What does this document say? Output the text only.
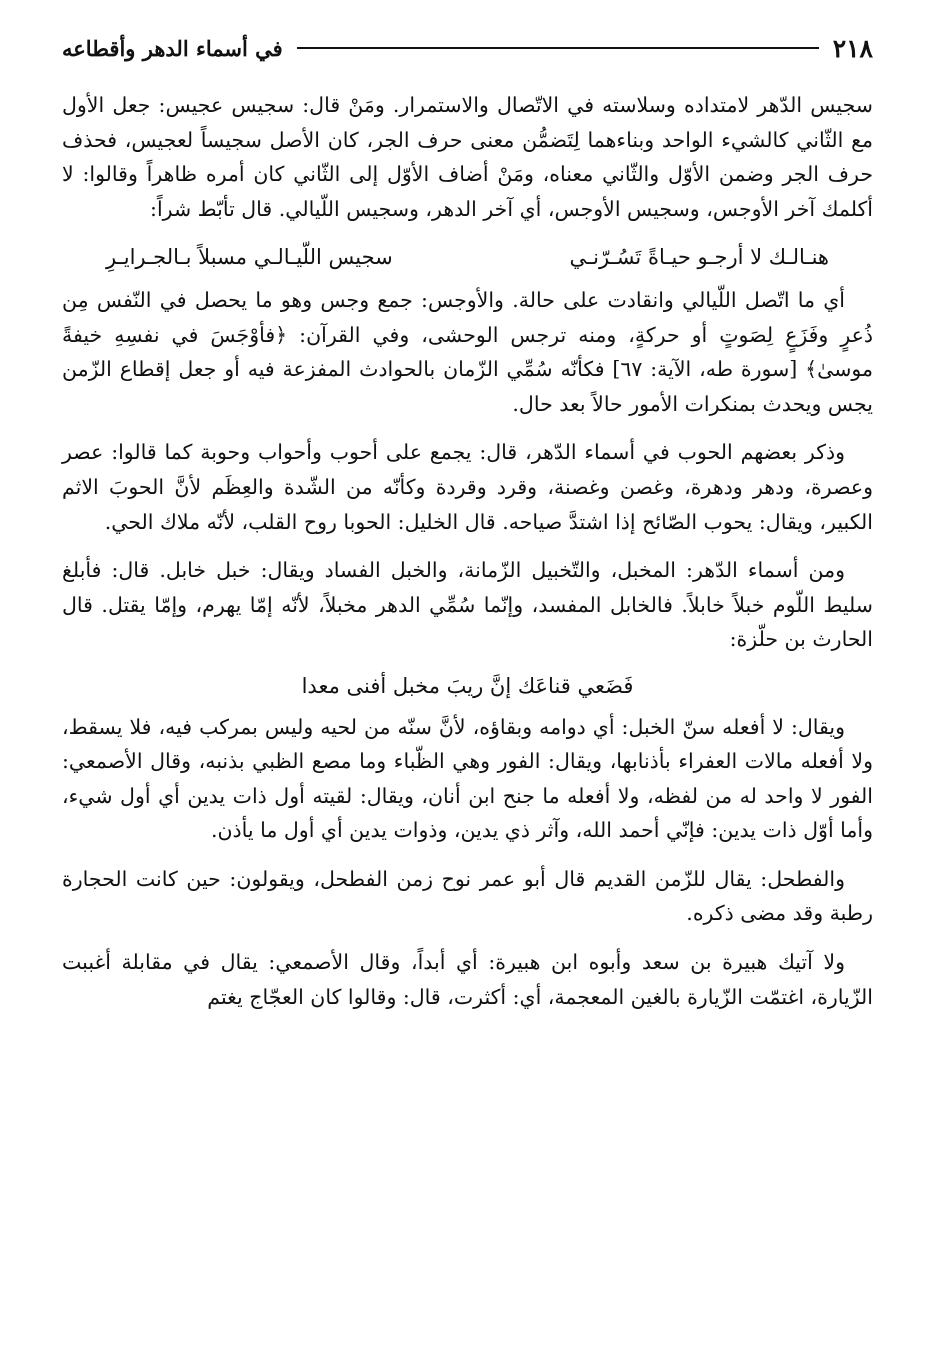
٢١٨
في أسماء الدهر وأقطاعه

سجيس الدّهر لامتداده وسلاسته في الاتّصال والاستمرار. ومَنْ قال: سجيس عجيس: جعل الأول مع الثّاني كالشيء الواحد وبناءهما لِتَضمُّن معنى حرف الجر، كان الأصل سجيساً لعجيس، فحذف حرف الجر وضمن الأوّل والثّاني معناه، ومَنْ أضاف الأوّل إلى الثّاني كان أمره ظاهراً وقالوا: لا أكلمك آخر الأوجس، وسجيس الأوجس، أي آخر الدهر، وسجيس اللّيالي. قال تأبّط شراً:

هنـالـك لا أرجـو حيـاةً تَسُـرّنـي
سجيس اللّيـالـي مسبلاً بـالجـرايـرِ

أي ما اتّصل اللّيالي وانقادت على حالة. والأوجس: جمع وجس وهو ما يحصل في النّفس مِن ذُعرٍ وفَزَعٍ لِصَوتٍ أو حركةٍ، ومنه ترجس الوحشى، وفي القرآن: ﴿فأوْجَسَ في نفسِهِ خيفةً موسىٰ﴾ [سورة طه، الآية: ٦٧] فكأنّه سُمِّي الزّمان بالحوادث المفزعة فيه أو جعل إقطاع الزّمن يجس ويحدث بمنكرات الأمور حالاً بعد حال.

وذكر بعضهم الحوب في أسماء الدّهر، قال: يجمع على أحوب وأحواب وحوبة كما قالوا: عصر وعصرة، ودهر ودهرة، وغصن وغصنة، وقرد وقردة وكأنّه من الشّدة والعِظَم لأنَّ الحوبَ الاثم الكبير، ويقال: يحوب الصّائح إذا اشتدَّ صياحه. قال الخليل: الحوبا روح القلب، لأنّه ملاك الحي.

ومن أسماء الدّهر: المخبل، والتّخبيل الزّمانة، والخبل الفساد ويقال: خبل خابل. قال: فأبلغ سليط اللّوم خبلاً خابلاً. فالخابل المفسد، وإنّما سُمِّي الدهر مخبلاً، لأنّه إمّا يهرم، وإمّا يقتل. قال الحارث بن حلّزة:

فَضَعي قناعَك إنَّ ريبَ مخبل أفنى معدا

ويقال: لا أفعله سنّ الخبل: أي دوامه وبقاؤه، لأنَّ سنّه من لحيه وليس بمركب فيه، فلا يسقط، ولا أفعله مالات العفراء بأذنابها، ويقال: الفور وهي الظّباء وما مصع الظبي بذنبه، وقال الأصمعي: الفور لا واحد له من لفظه، ولا أفعله ما جنح ابن أنان، ويقال: لقيته أول ذات يدين أي أول شيء، وأما أوّل ذات يدين: فإنّي أحمد الله، وآثر ذي يدين، وذوات يدين أي أول ما يأذن.

والفطحل: يقال للزّمن القديم قال أبو عمر نوح زمن الفطحل، ويقولون: حين كانت الحجارة رطبة وقد مضى ذكره.

ولا آتيك هبيرة بن سعد وأبوه ابن هبيرة: أي أبداً، وقال الأصمعي: يقال في مقابلة أغببت الزّيارة، اغتمّت الزّيارة بالغين المعجمة، أي: أكثرت، قال: وقالوا كان العجّاج يغتم
